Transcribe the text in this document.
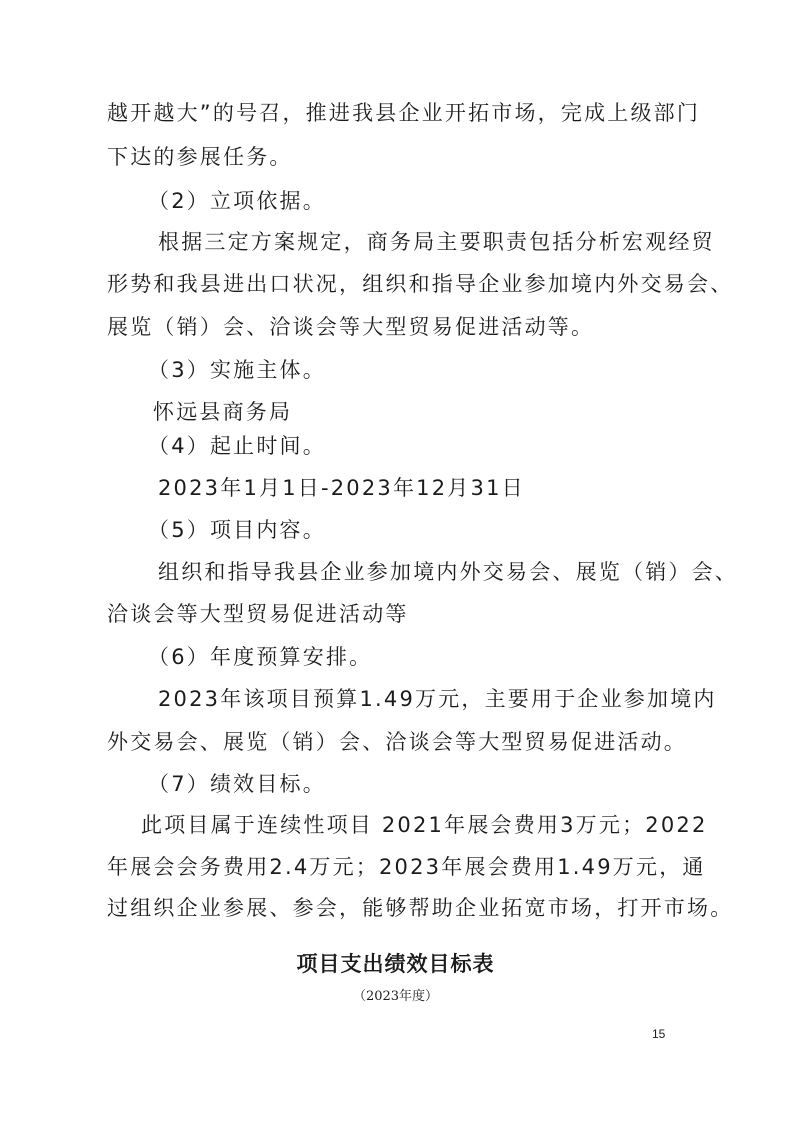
越开越大”的号召，推进我县企业开拓市场，完成上级部门

下达的参展任务。

（2）立项依据。

根据三定方案规定，商务局主要职责包括分析宏观经贸

形势和我县进出口状况，组织和指导企业参加境内外交易会、

展览（销）会、洽谈会等大型贸易促进活动等。

（3）实施主体。

怀远县商务局

（4）起止时间。

2023年1月1日-2023年12月31日

（5）项目内容。

组织和指导我县企业参加境内外交易会、展览（销）会、

洽谈会等大型贸易促进活动等

（6）年度预算安排。

2023年该项目预算1.49万元，主要用于企业参加境内

外交易会、展览（销）会、洽谈会等大型贸易促进活动。

（7）绩效目标。

此项目属于连续性项目 2021年展会费用3万元；2022

年展会会务费用2.4万元；2023年展会费用1.49万元，通

过组织企业参展、参会，能够帮助企业拓宽市场，打开市场。

项目支出绩效目标表

（2023年度）

15
